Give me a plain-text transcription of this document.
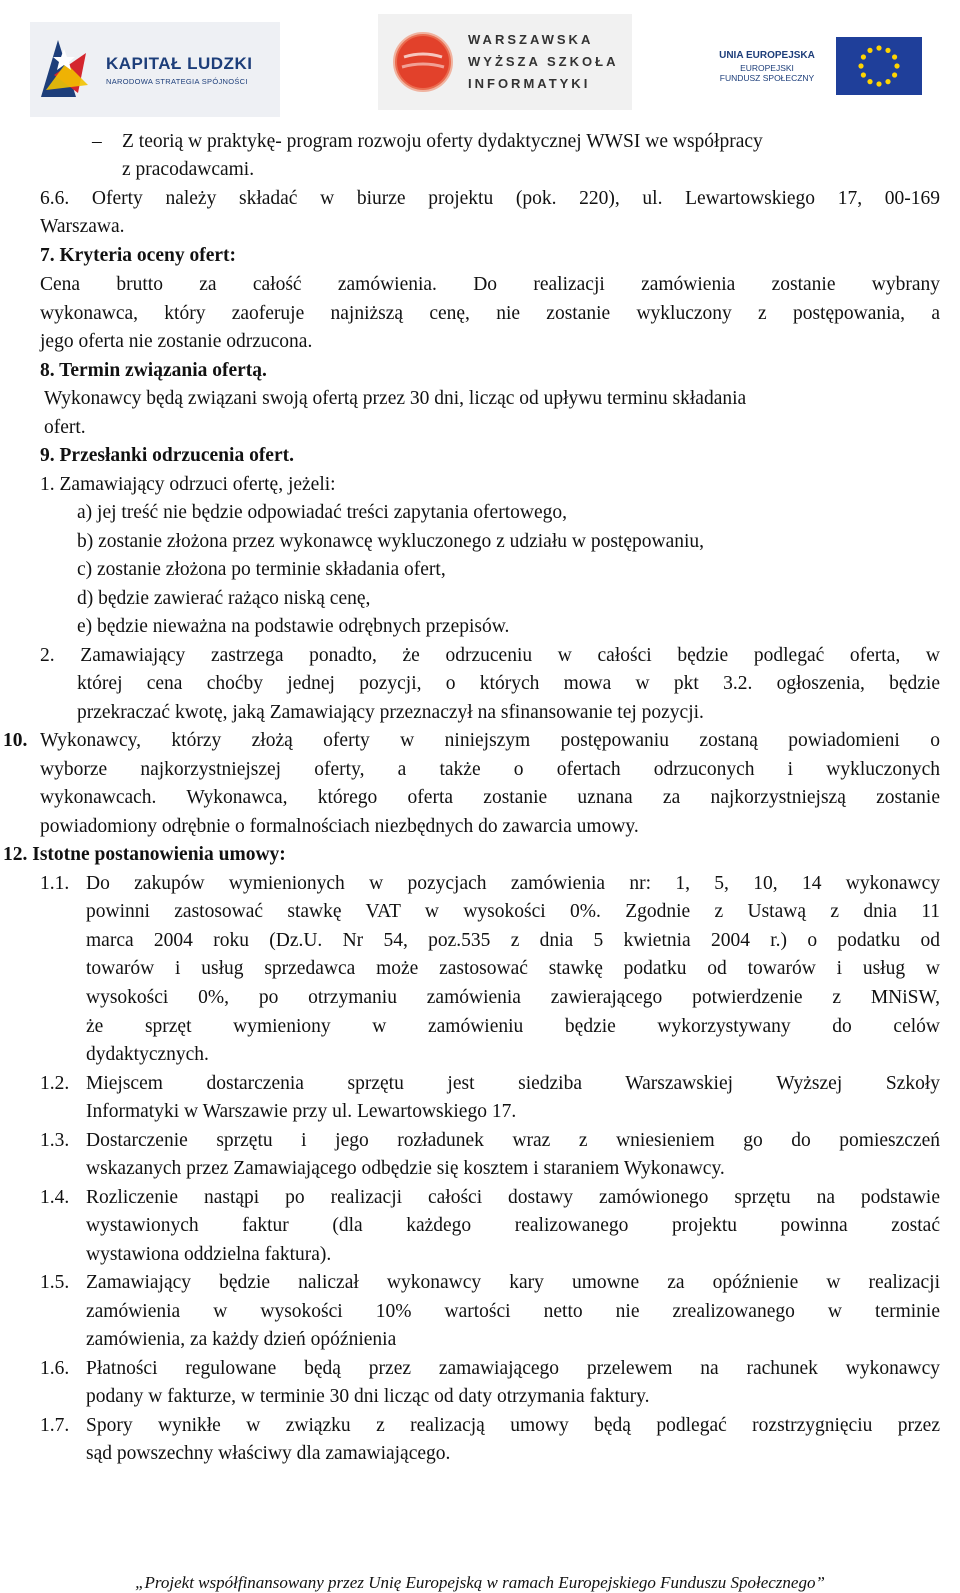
KAPITAŁ LUDZKI
NARODOWA STRATEGIA SPÓJNOŚCI
WARSZAWSKA
WYŻSZA SZKOŁA
INFORMATYKI
UNIA EUROPEJSKA
EUROPEJSKI
FUNDUSZ SPOŁECZNY
– Z teorią w praktykę- program rozwoju oferty dydaktycznej WWSI we współpracy
z pracodawcami.
6.6. Oferty należy składać w biurze projektu (pok. 220), ul. Lewartowskiego 17, 00-169
Warszawa.
7. Kryteria oceny ofert:
Cena brutto za całość zamówienia. Do realizacji zamówienia zostanie wybrany
wykonawca, który zaoferuje najniższą cenę, nie zostanie wykluczony z postępowania, a
jego oferta nie zostanie odrzucona.
8. Termin związania ofertą.
Wykonawcy będą związani swoją ofertą przez 30 dni, licząc od upływu terminu składania
ofert.
9. Przesłanki odrzucenia ofert.
1. Zamawiający odrzuci ofertę, jeżeli:
a) jej treść nie będzie odpowiadać treści zapytania ofertowego,
b) zostanie złożona przez wykonawcę wykluczonego z udziału w postępowaniu,
c) zostanie złożona po terminie składania ofert,
d) będzie zawierać rażąco niską cenę,
e) będzie nieważna na podstawie odrębnych przepisów.
2. Zamawiający zastrzega ponadto, że odrzuceniu w całości będzie podlegać oferta, w
której cena choćby jednej pozycji, o których mowa w pkt 3.2. ogłoszenia, będzie
przekraczać kwotę, jaką Zamawiający przeznaczył na sfinansowanie tej pozycji.
10. Wykonawcy, którzy złożą oferty w niniejszym postępowaniu zostaną powiadomieni o
wyborze najkorzystniejszej oferty, a także o ofertach odrzuconych i wykluczonych
wykonawcach. Wykonawca, którego oferta zostanie uznana za najkorzystniejszą zostanie
powiadomiony odrębnie o formalnościach niezbędnych do zawarcia umowy.
12. Istotne postanowienia umowy:
1.1. Do zakupów wymienionych w pozycjach zamówienia nr: 1, 5, 10, 14 wykonawcy
powinni zastosować stawkę VAT w wysokości 0%. Zgodnie z Ustawą z dnia 11
marca 2004 roku (Dz.U. Nr 54, poz.535 z dnia 5 kwietnia 2004 r.) o podatku od
towarów i usług sprzedawca może zastosować stawkę podatku od towarów i usług w
wysokości 0%, po otrzymaniu zamówienia zawierającego potwierdzenie z MNiSW,
że sprzęt wymieniony w zamówieniu będzie wykorzystywany do celów
dydaktycznych.
1.2. Miejscem dostarczenia sprzętu jest siedziba Warszawskiej Wyższej Szkoły
Informatyki w Warszawie przy ul. Lewartowskiego 17.
1.3. Dostarczenie sprzętu i jego rozładunek wraz z wniesieniem go do pomieszczeń
wskazanych przez Zamawiającego odbędzie się kosztem i staraniem Wykonawcy.
1.4. Rozliczenie nastąpi po realizacji całości dostawy zamówionego sprzętu na podstawie
wystawionych faktur (dla każdego realizowanego projektu powinna zostać
wystawiona oddzielna faktura).
1.5. Zamawiający będzie naliczał wykonawcy kary umowne za opóźnienie w realizacji
zamówienia w wysokości 10% wartości netto nie zrealizowanego w terminie
zamówienia, za każdy dzień opóźnienia
1.6. Płatności regulowane będą przez zamawiającego przelewem na rachunek wykonawcy
podany w fakturze, w terminie 30 dni licząc od daty otrzymania faktury.
1.7. Spory wynikłe w związku z realizacją umowy będą podlegać rozstrzygnięciu przez
sąd powszechny właściwy dla zamawiającego.
„Projekt współfinansowany przez Unię Europejską w ramach Europejskiego Funduszu Społecznego”
